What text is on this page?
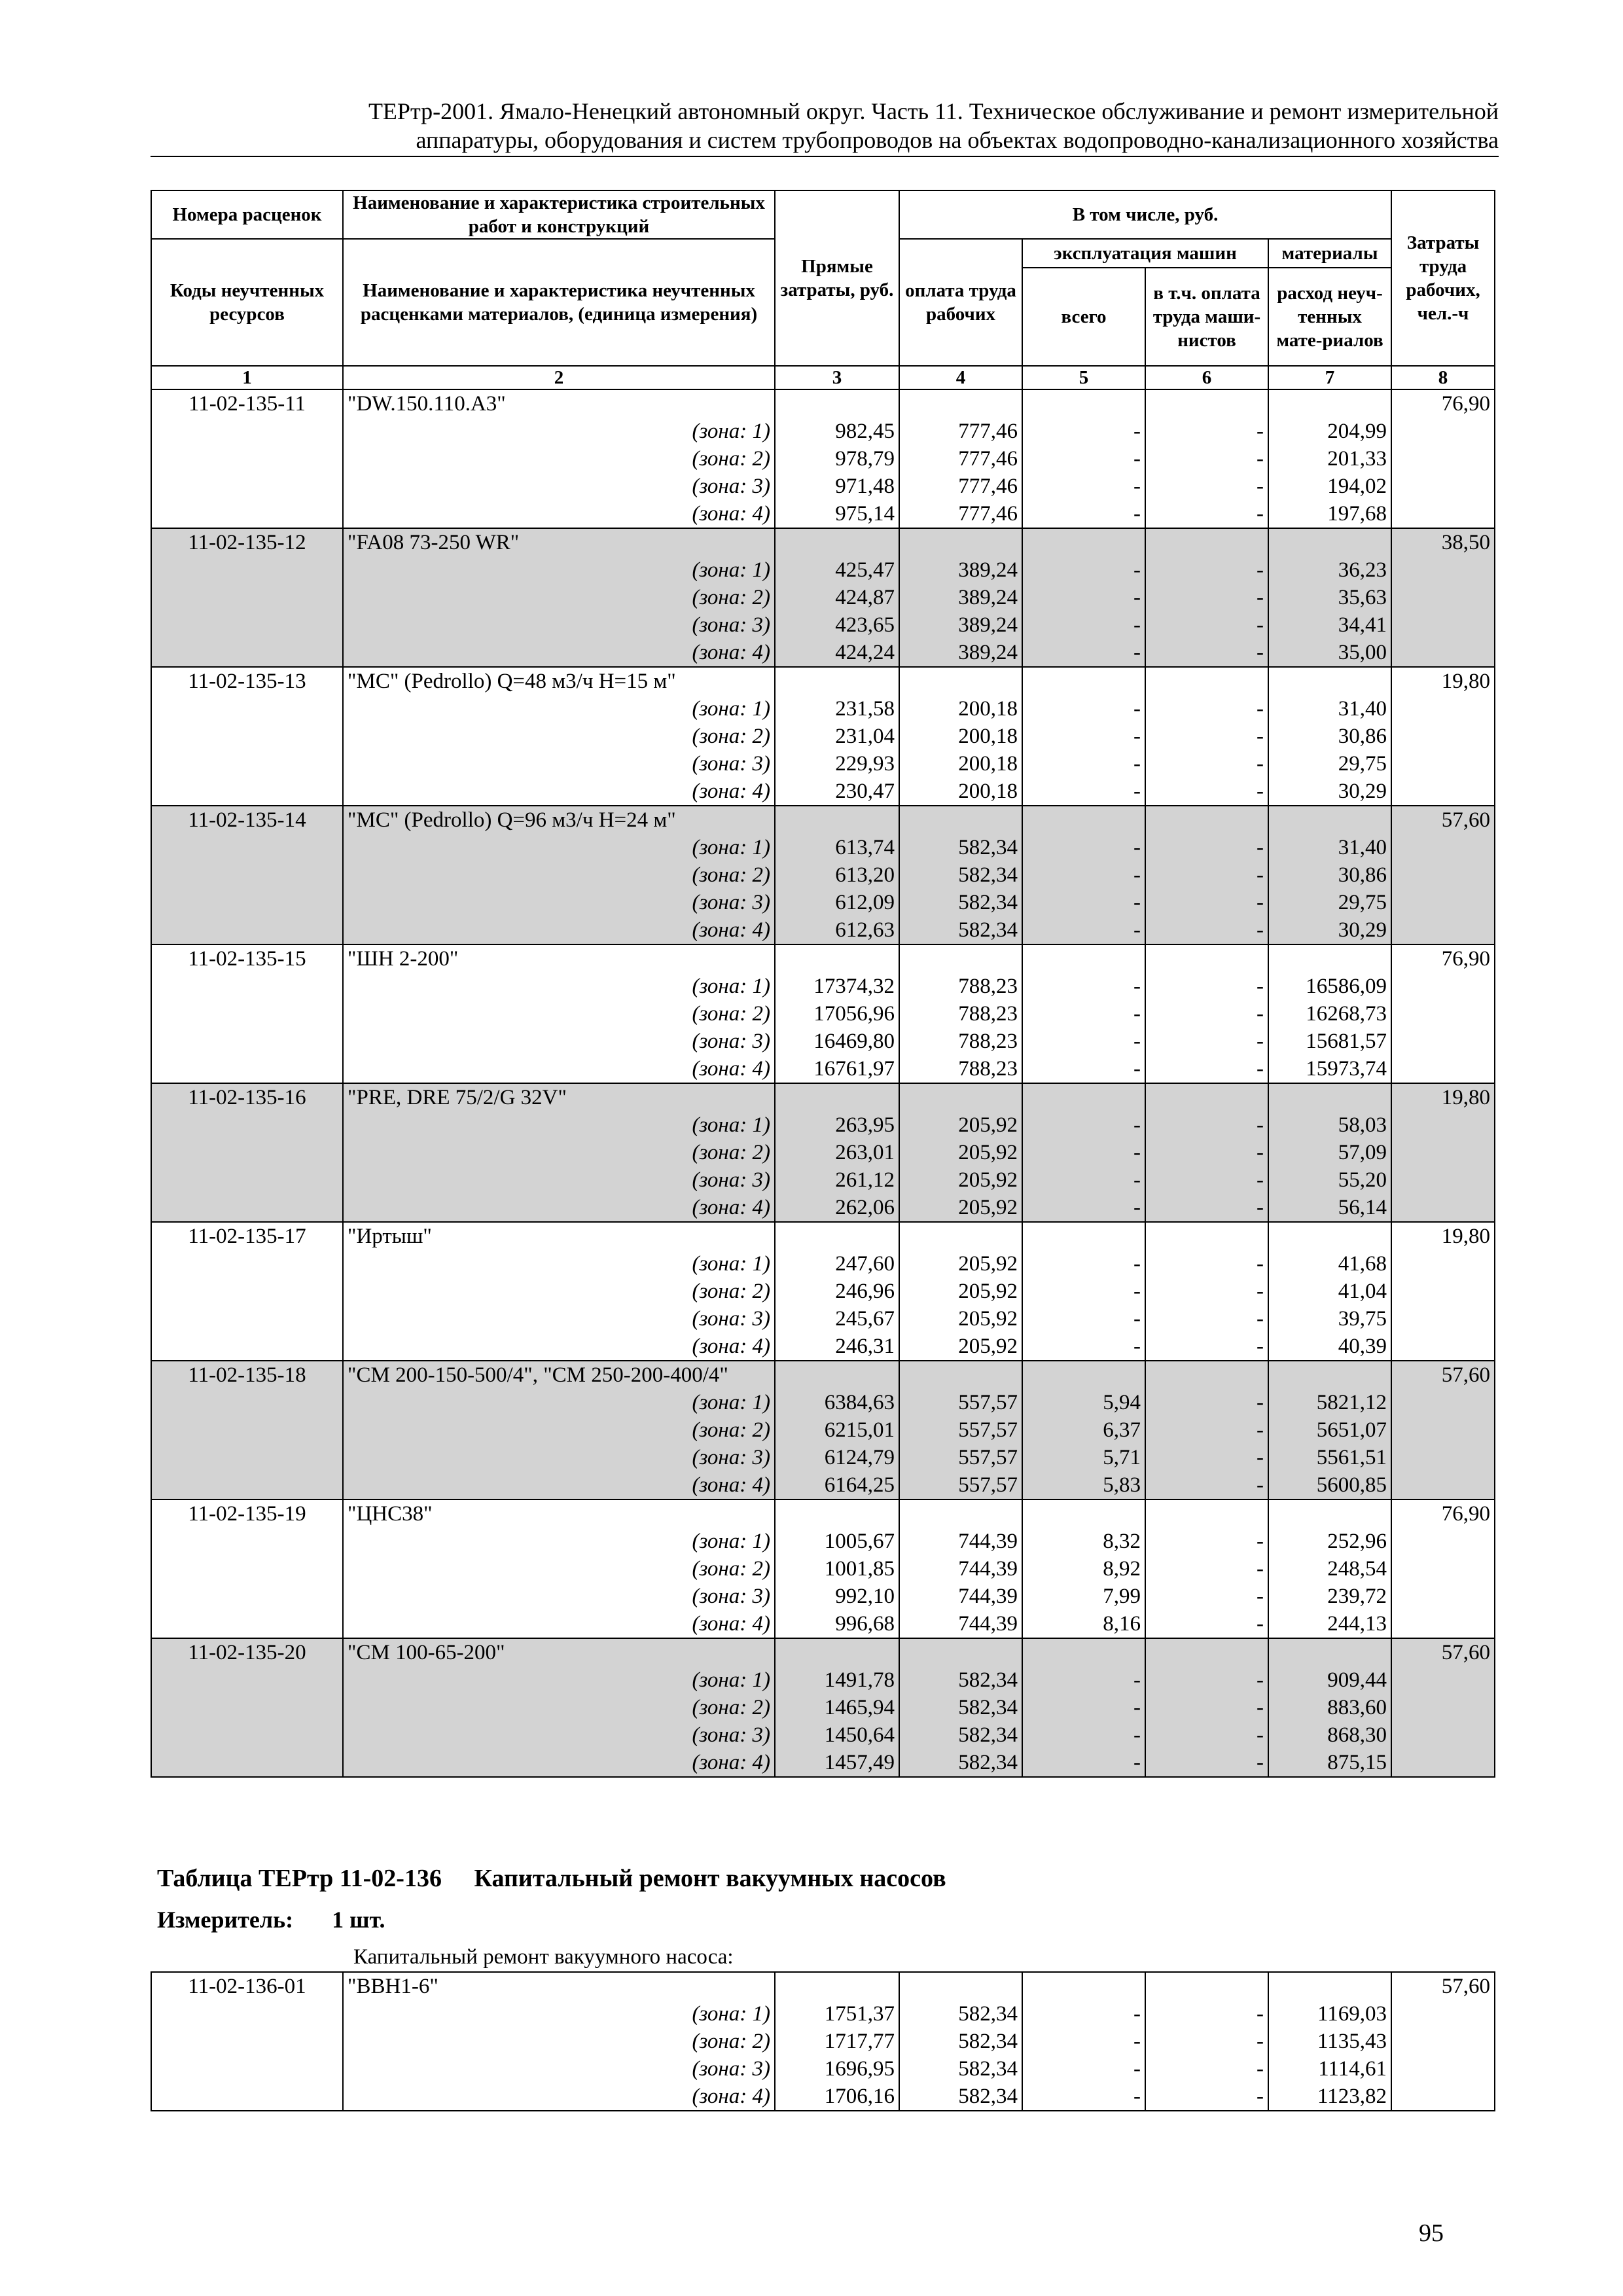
ТЕРтр-2001. Ямало-Ненецкий автономный округ. Часть 11. Техническое обслуживание и ремонт измерительной
аппаратуры, оборудования и систем трубопроводов на объектах водопроводно-канализационного хозяйства
Номера расценок	Наименование и характеристика строительных работ и конструкций	Прямые затраты, руб.	В том числе, руб.				Затраты труда рабочих, чел.-ч
Коды неучтенных ресурсов	Наименование и характеристика неучтенных расценками материалов, (единица измерения)		оплата труда рабочих	эксплуатация машин		материалы	
				всего	в т.ч. оплата труда маши-нистов	расход неуч-тенных мате-риалов	
1	2	3	4	5	6	7	8
11-02-135-11	"DW.150.110.A3"						76,90
	(зона: 1)	982,45	777,46	-	-	204,99	
	(зона: 2)	978,79	777,46	-	-	201,33	
	(зона: 3)	971,48	777,46	-	-	194,02	
	(зона: 4)	975,14	777,46	-	-	197,68	
11-02-135-12	"FA08 73-250 WR"						38,50
	(зона: 1)	425,47	389,24	-	-	36,23	
	(зона: 2)	424,87	389,24	-	-	35,63	
	(зона: 3)	423,65	389,24	-	-	34,41	
	(зона: 4)	424,24	389,24	-	-	35,00	
11-02-135-13	"МС" (Pedrollo) Q=48 м3/ч H=15 м"						19,80
	(зона: 1)	231,58	200,18	-	-	31,40	
	(зона: 2)	231,04	200,18	-	-	30,86	
	(зона: 3)	229,93	200,18	-	-	29,75	
	(зона: 4)	230,47	200,18	-	-	30,29	
11-02-135-14	"МС" (Pedrollo) Q=96 м3/ч H=24 м"						57,60
	(зона: 1)	613,74	582,34	-	-	31,40	
	(зона: 2)	613,20	582,34	-	-	30,86	
	(зона: 3)	612,09	582,34	-	-	29,75	
	(зона: 4)	612,63	582,34	-	-	30,29	
11-02-135-15	"ШН 2-200"						76,90
	(зона: 1)	17374,32	788,23	-	-	16586,09	
	(зона: 2)	17056,96	788,23	-	-	16268,73	
	(зона: 3)	16469,80	788,23	-	-	15681,57	
	(зона: 4)	16761,97	788,23	-	-	15973,74	
11-02-135-16	"PRE, DRE 75/2/G 32V"						19,80
	(зона: 1)	263,95	205,92	-	-	58,03	
	(зона: 2)	263,01	205,92	-	-	57,09	
	(зона: 3)	261,12	205,92	-	-	55,20	
	(зона: 4)	262,06	205,92	-	-	56,14	
11-02-135-17	"Иртыш"						19,80
	(зона: 1)	247,60	205,92	-	-	41,68	
	(зона: 2)	246,96	205,92	-	-	41,04	
	(зона: 3)	245,67	205,92	-	-	39,75	
	(зона: 4)	246,31	205,92	-	-	40,39	
11-02-135-18	"СМ 200-150-500/4", "СМ 250-200-400/4"						57,60
	(зона: 1)	6384,63	557,57	5,94	-	5821,12	
	(зона: 2)	6215,01	557,57	6,37	-	5651,07	
	(зона: 3)	6124,79	557,57	5,71	-	5561,51	
	(зона: 4)	6164,25	557,57	5,83	-	5600,85	
11-02-135-19	"ЦНС38"						76,90
	(зона: 1)	1005,67	744,39	8,32	-	252,96	
	(зона: 2)	1001,85	744,39	8,92	-	248,54	
	(зона: 3)	992,10	744,39	7,99	-	239,72	
	(зона: 4)	996,68	744,39	8,16	-	244,13	
11-02-135-20	"СМ 100-65-200"						57,60
	(зона: 1)	1491,78	582,34	-	-	909,44	
	(зона: 2)	1465,94	582,34	-	-	883,60	
	(зона: 3)	1450,64	582,34	-	-	868,30	
	(зона: 4)	1457,49	582,34	-	-	875,15	
Таблица ТЕРтр 11-02-136 Капитальный ремонт вакуумных насосов
Измеритель: 1 шт.
Капитальный ремонт вакуумного насоса:
11-02-136-01	"ВВН1-6"						57,60
	(зона: 1)	1751,37	582,34	-	-	1169,03	
	(зона: 2)	1717,77	582,34	-	-	1135,43	
	(зона: 3)	1696,95	582,34	-	-	1114,61	
	(зона: 4)	1706,16	582,34	-	-	1123,82	
95
